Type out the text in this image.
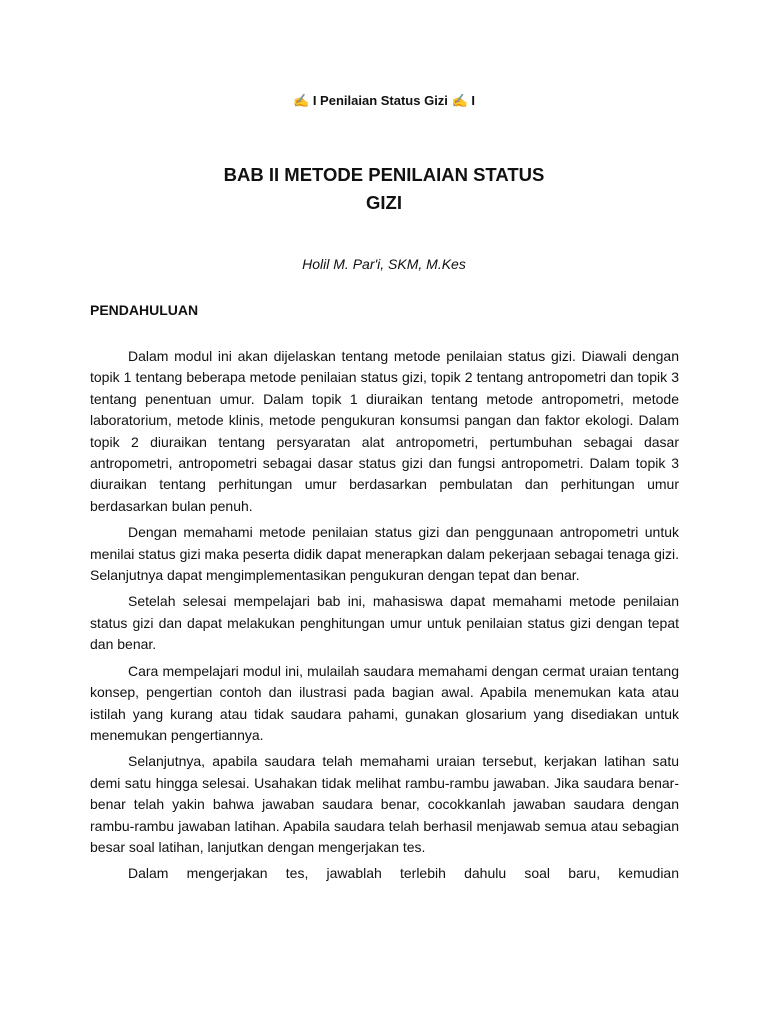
✍ I Penilaian Status Gizi ✍ I
BAB II METODE PENILAIAN STATUS
GIZI
Holil M. Par'i, SKM, M.Kes
PENDAHULUAN

Dalam modul ini akan dijelaskan tentang metode penilaian status gizi. Diawali dengan topik 1 tentang beberapa metode penilaian status gizi, topik 2 tentang antropometri dan topik 3 tentang penentuan umur. Dalam topik 1 diuraikan tentang metode antropometri, metode laboratorium, metode klinis, metode pengukuran konsumsi pangan dan faktor ekologi. Dalam topik 2 diuraikan tentang persyaratan alat antropometri, pertumbuhan sebagai dasar antropometri, antropometri sebagai dasar status gizi dan fungsi antropometri. Dalam topik 3 diuraikan tentang perhitungan umur berdasarkan pembulatan dan perhitungan umur berdasarkan bulan penuh.

Dengan memahami metode penilaian status gizi dan penggunaan antropometri untuk menilai status gizi maka peserta didik dapat menerapkan dalam pekerjaan sebagai tenaga gizi. Selanjutnya dapat mengimplementasikan pengukuran dengan tepat dan benar.

Setelah selesai mempelajari bab ini, mahasiswa dapat memahami metode penilaian status gizi dan dapat melakukan penghitungan umur untuk penilaian status gizi dengan tepat dan benar.

Cara mempelajari modul ini, mulailah saudara memahami dengan cermat uraian tentang konsep, pengertian contoh dan ilustrasi pada bagian awal. Apabila menemukan kata atau istilah yang kurang atau tidak saudara pahami, gunakan glosarium yang disediakan untuk menemukan pengertiannya.

Selanjutnya, apabila saudara telah memahami uraian tersebut, kerjakan latihan satu demi satu hingga selesai. Usahakan tidak melihat rambu-rambu jawaban. Jika saudara benar- benar telah yakin bahwa jawaban saudara benar, cocokkanlah jawaban saudara dengan rambu-rambu jawaban latihan. Apabila saudara telah berhasil menjawab semua atau sebagian besar soal latihan, lanjutkan dengan mengerjakan tes.

Dalam mengerjakan tes, jawablah terlebih dahulu soal baru, kemudian
